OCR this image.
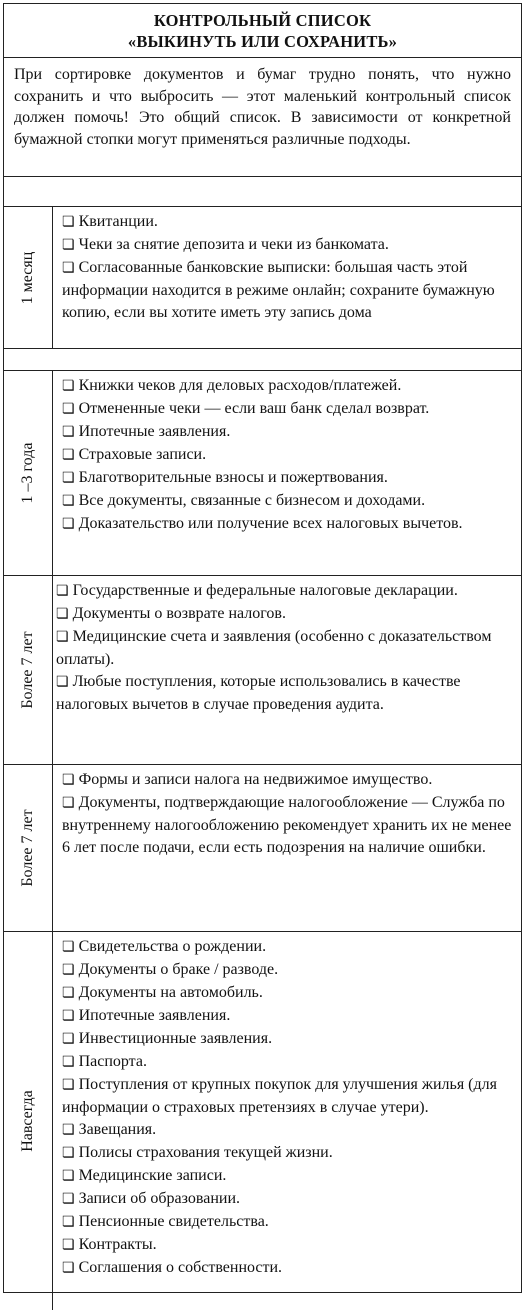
КОНТРОЛЬНЫЙ СПИСОК
«ВЫКИНУТЬ ИЛИ СОХРАНИТЬ»
При сортировке документов и бумаг трудно понять, что нужно сохранить и что выбросить — этот маленький контрольный список должен помочь! Это общий список. В зависимости от конкретной бумажной стопки могут применяться различные подходы.
1 месяц

❏ Квитанции.

❏ Чеки за снятие депозита и чеки из банкомата.

❏ Согласованные банковские выписки: большая часть этой информации находится в режиме онлайн; сохраните бумажную копию, если вы хотите иметь эту запись дома

1 –3 года

❏ Книжки чеков для деловых расходов/платежей.

❏ Отмененные чеки — если ваш банк сделал возврат.

❏ Ипотечные заявления.

❏ Страховые записи.

❏ Благотворительные взносы и пожертвования.

❏ Все документы, связанные с бизнесом и доходами.

❏ Доказательство или получение всех налоговых вычетов.

Более 7 лет

❏ Государственные и федеральные налоговые декларации.

❏ Документы о возврате налогов.

❏ Медицинские счета и заявления (особенно с доказательством оплаты).

❏ Любые поступления, которые использовались в качестве налоговых вычетов в случае проведения аудита.

Более 7 лет

❏ Формы и записи налога на недвижимое имущество.

❏ Документы, подтверждающие налогообложение — Служба по внутреннему налогообложению рекомендует хранить их не менее 6 лет после подачи, если есть подозрения на наличие ошибки.

Навсегда

❏ Свидетельства о рождении.

❏ Документы о браке / разводе.

❏ Документы на автомобиль.

❏ Ипотечные заявления.

❏ Инвестиционные заявления.

❏ Паспорта.

❏ Поступления от крупных покупок для улучшения жилья (для информации о страховых претензиях в случае утери).

❏ Завещания.

❏ Полисы страхования текущей жизни.

❏ Медицинские записи.

❏ Записи об образовании.

❏ Пенсионные свидетельства.

❏ Контракты.

❏ Соглашения о собственности.
